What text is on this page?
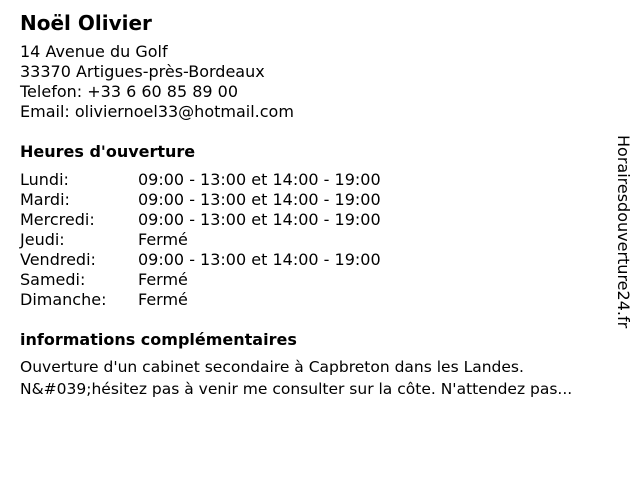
Noël Olivier
14 Avenue du Golf
33370 Artigues-près-Bordeaux
Telefon: +33 6 60 85 89 00
Email: oliviernoel33@hotmail.com
Heures d'ouverture
Lundi:	09:00 - 13:00 et 14:00 - 19:00
Mardi:	09:00 - 13:00 et 14:00 - 19:00
Mercredi:	09:00 - 13:00 et 14:00 - 19:00
Jeudi:	Fermé
Vendredi:	09:00 - 13:00 et 14:00 - 19:00
Samedi:	Fermé
Dimanche:	Fermé
informations complémentaires
Ouverture d'un cabinet secondaire à Capbreton dans les Landes. N&#039;hésitez pas à venir me consulter sur la côte. N'attendez pas...
Horairesdouverture24.fr
